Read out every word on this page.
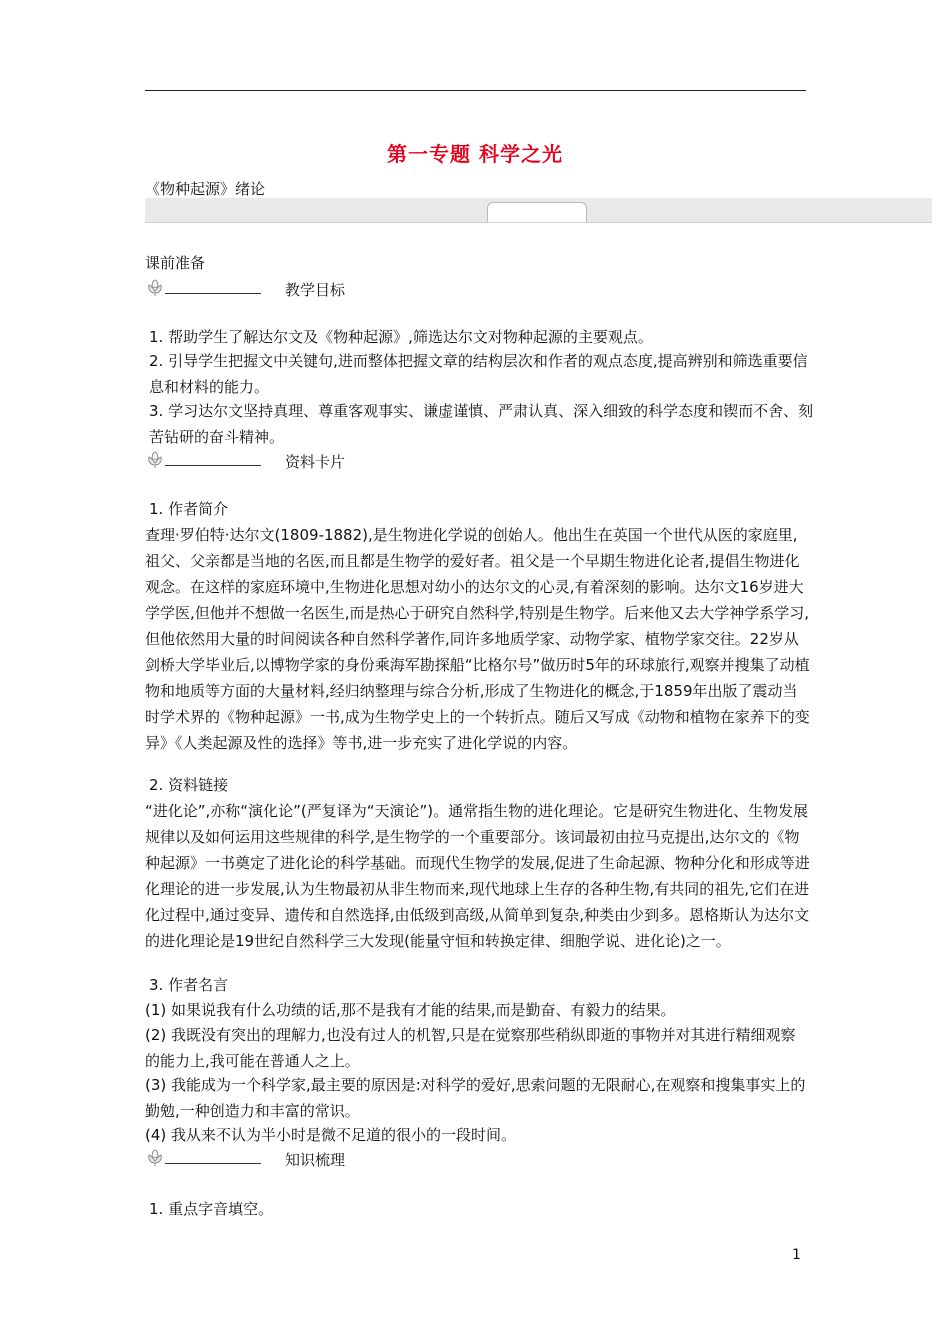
第一专题 科学之光
《物种起源》绪论
课前准备
教学目标

1. 帮助学生了解达尔文及《物种起源》,筛选达尔文对物种起源的主要观点。

2. 引导学生把握文中关键句,进而整体把握文章的结构层次和作者的观点态度,提高辨别和筛选重要信息和材料的能力。

3. 学习达尔文坚持真理、尊重客观事实、谦虚谨慎、严肃认真、深入细致的科学态度和锲而不舍、刻苦钻研的奋斗精神。

资料卡片

1. 作者简介

查理·罗伯特·达尔文(1809-1882),是生物进化学说的创始人。他出生在英国一个世代从医的家庭里,祖父、父亲都是当地的名医,而且都是生物学的爱好者。祖父是一个早期生物进化论者,提倡生物进化观念。在这样的家庭环境中,生物进化思想对幼小的达尔文的心灵,有着深刻的影响。达尔文16岁进大学学医,但他并不想做一名医生,而是热心于研究自然科学,特别是生物学。后来他又去大学神学系学习,但他依然用大量的时间阅读各种自然科学著作,同许多地质学家、动物学家、植物学家交往。22岁从剑桥大学毕业后,以博物学家的身份乘海军勘探船“比格尔号”做历时5年的环球旅行,观察并搜集了动植物和地质等方面的大量材料,经归纳整理与综合分析,形成了生物进化的概念,于1859年出版了震动当时学术界的《物种起源》一书,成为生物学史上的一个转折点。随后又写成《动物和植物在家养下的变异》《人类起源及性的选择》等书,进一步充实了进化学说的内容。

2. 资料链接

“进化论”,亦称“演化论”(严复译为“天演论”)。通常指生物的进化理论。它是研究生物进化、生物发展规律以及如何运用这些规律的科学,是生物学的一个重要部分。该词最初由拉马克提出,达尔文的《物种起源》一书奠定了进化论的科学基础。而现代生物学的发展,促进了生命起源、物种分化和形成等进化理论的进一步发展,认为生物最初从非生物而来,现代地球上生存的各种生物,有共同的祖先,它们在进化过程中,通过变异、遗传和自然选择,由低级到高级,从简单到复杂,种类由少到多。恩格斯认为达尔文的进化理论是19世纪自然科学三大发现(能量守恒和转换定律、细胞学说、进化论)之一。

3. 作者名言

(1) 如果说我有什么功绩的话,那不是我有才能的结果,而是勤奋、有毅力的结果。

(2) 我既没有突出的理解力,也没有过人的机智,只是在觉察那些稍纵即逝的事物并对其进行精细观察的能力上,我可能在普通人之上。

(3) 我能成为一个科学家,最主要的原因是:对科学的爱好,思索问题的无限耐心,在观察和搜集事实上的勤勉,一种创造力和丰富的常识。

(4) 我从来不认为半小时是微不足道的很小的一段时间。

知识梳理

1. 重点字音填空。

1
